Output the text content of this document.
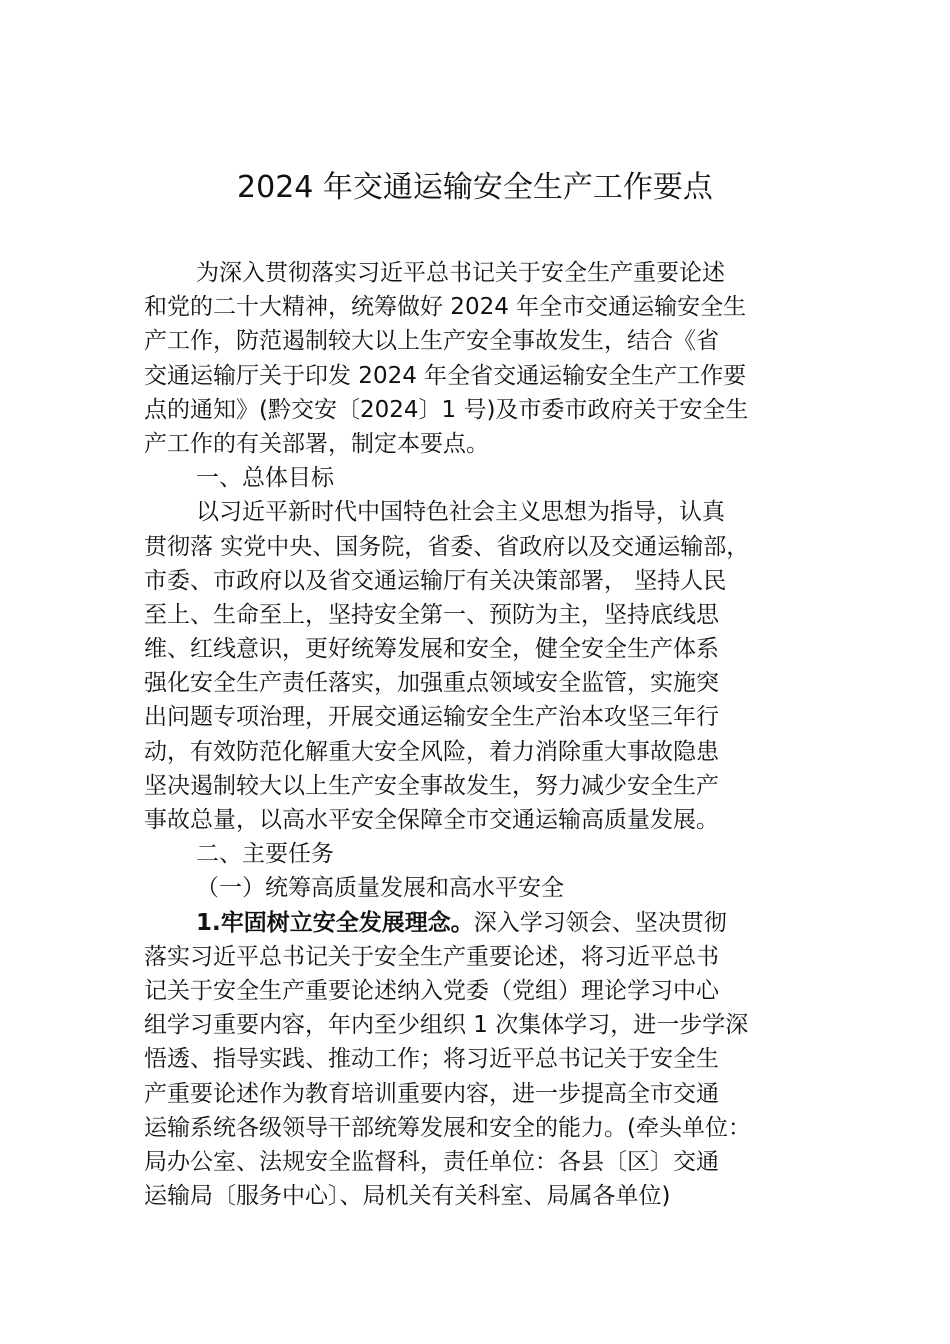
2024 年交通运输安全生产工作要点
为深入贯彻落实习近平总书记关于安全生产重要论述
和党的二十大精神，统筹做好 2024 年全市交通运输安全生
产工作，防范遏制较大以上生产安全事故发生，结合《省
交通运输厅关于印发 2024 年全省交通运输安全生产工作要
点的通知》(黔交安〔2024〕1 号)及市委市政府关于安全生
产工作的有关部署，制定本要点。
一、总体目标
以习近平新时代中国特色社会主义思想为指导，认真
贯彻落 实党中央、国务院，省委、省政府以及交通运输部，
市委、市政府以及省交通运输厅有关决策部署， 坚持人民
至上、生命至上，坚持安全第一、预防为主，坚持底线思
维、红线意识，更好统筹发展和安全，健全安全生产体系
强化安全生产责任落实，加强重点领域安全监管，实施突
出问题专项治理，开展交通运输安全生产治本攻坚三年行
动，有效防范化解重大安全风险，着力消除重大事故隐患
坚决遏制较大以上生产安全事故发生，努力减少安全生产
事故总量，以高水平安全保障全市交通运输高质量发展。
二、主要任务
（一）统筹高质量发展和高水平安全
1.牢固树立安全发展理念。深入学习领会、坚决贯彻
落实习近平总书记关于安全生产重要论述，将习近平总书
记关于安全生产重要论述纳入党委（党组）理论学习中心
组学习重要内容，年内至少组织 1 次集体学习，进一步学深
悟透、指导实践、推动工作；将习近平总书记关于安全生
产重要论述作为教育培训重要内容，进一步提高全市交通
运输系统各级领导干部统筹发展和安全的能力。(牵头单位：
局办公室、法规安全监督科，责任单位：各县〔区〕交通
运输局〔服务中心〕、局机关有关科室、局属各单位)
